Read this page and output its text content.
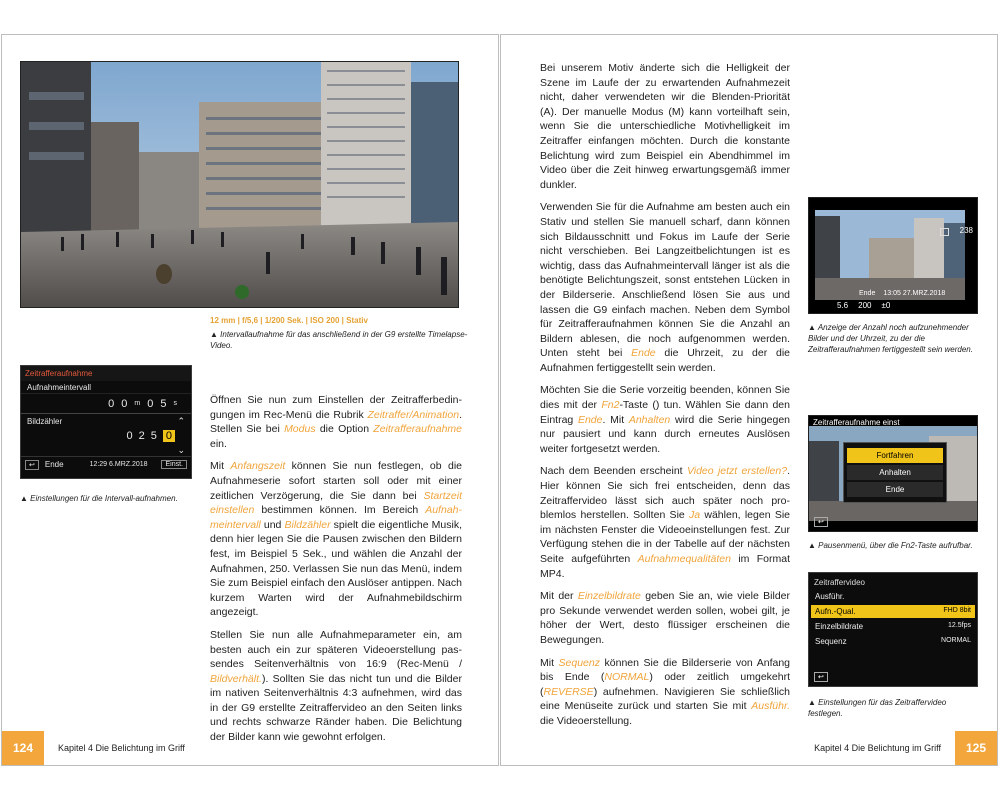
12 mm | f/5,6 | 1/200 Sek. | ISO 200 | Stativ
▲ Intervallaufnahme für das anschließend in der G9 erstellte Timelapse-Video.
Zeitrafferaufnahme
Aufnahmeintervall
0 0 m 0 5 s
Bildzähler	⌃
0 2 5 0
⌄
↩	Ende	12:29 6.MRZ.2018	Einst.
▲ Einstellungen für die Intervall-aufnahmen.

Öffnen Sie nun zum Einstellen der Zeitrafferbedingungen im Rec-Menü die Rubrik Zeitraffer/Animation. Stellen Sie bei Modus die Option Zeitrafferaufnahme ein.

Mit Anfangszeit können Sie nun festlegen, ob die Aufnahmeserie sofort starten soll oder mit einer zeitlichen Verzögerung, die Sie dann bei Startzeit einstellen bestimmen können. Im Bereich Aufnahmeintervall und Bildzähler spielt die eigentliche Musik, denn hier legen Sie die Pausen zwischen den Bildern fest, im Beispiel 5 Sek., und wählen die Anzahl der Aufnahmen, 250. Verlassen Sie nun das Menü, indem Sie zum Beispiel einfach den Auslöser antippen. Nach kurzem Warten wird der Aufnahmebildschirm angezeigt.

Stellen Sie nun alle Aufnahmeparameter ein, am besten auch ein zur späteren Videoerstellung passendes Seitenverhältnis von 16:9 (Rec-Menü / Bildverhält.). Sollten Sie das nicht tun und die Bilder im nativen Seitenverhältnis 4:3 aufnehmen, wird das in der G9 erstellte Zeitraffervideo an den Seiten links und rechts schwarze Ränder haben. Die Belichtung der Bilder kann wie gewohnt erfolgen.

124	Kapitel 4 Die Belichtung im Griff

Bei unserem Motiv änderte sich die Helligkeit der Szene im Laufe der zu erwartenden Aufnahmezeit nicht, daher verwendeten wir die Blenden-Priorität (A). Der manuelle Modus (M) kann vorteilhaft sein, wenn Sie die unterschiedliche Motivhelligkeit im Zeitraffer einfangen möchten. Durch die konstante Belichtung wird zum Beispiel ein Abendhimmel im Video über die Zeit hinweg erwartungsgemäß immer dunkler.

Verwenden Sie für die Aufnahme am besten auch ein Stativ und stellen Sie manuell scharf, dann können sich Bildausschnitt und Fokus im Laufe der Serie nicht verschieben. Bei Langzeitbelichtungen ist es wichtig, dass das Aufnahmeintervall länger ist als die benötigte Belichtungszeit, sonst entstehen Lücken in der Bilderserie. Anschließend lösen Sie aus und lassen die G9 einfach machen. Neben dem Symbol für Zeitrafferaufnahmen können Sie die Anzahl an Bildern ablesen, die noch aufgenommen werden. Unten steht bei Ende die Uhrzeit, zu der die Aufnahmen fertiggestellt sein werden.

Möchten Sie die Serie vorzeitig beenden, können Sie dies mit der Fn2-Taste () tun. Wählen Sie dann den Eintrag Ende. Mit Anhalten wird die Serie hingegen nur pausiert und kann durch erneutes Auslösen weiter fortgesetzt werden.

Nach dem Beenden erscheint Video jetzt erstellen?. Hier können Sie sich frei entscheiden, denn das Zeitraffervideo lässt sich auch später noch problemlos herstellen. Sollten Sie Ja wählen, legen Sie im nächsten Fenster die Videoeinstellungen fest. Zur Verfügung stehen die in der Tabelle auf der nächsten Seite aufgeführten Aufnahmequalitäten im Format MP4.

Mit der Einzelbildrate geben Sie an, wie viele Bilder pro Sekunde verwendet werden sollen, wobei gilt, je höher der Wert, desto flüssiger erscheinen die Bewegungen.

Mit Sequenz können Sie die Bilderserie von Anfang bis Ende (NORMAL) oder zeitlich umgekehrt (REVERSE) aufnehmen. Navigieren Sie schließlich eine Menüseite zurück und starten Sie mit Ausführ. die Videoerstellung.

238
Ende 13:05 27.MRZ.2018
5.6 200 ±0
▲ Anzeige der Anzahl noch aufzunehmender Bilder und der Uhrzeit, zu der die Zeitrafferaufnahmen fertiggestellt sein werden.
Zeitrafferaufnahme einst
Fortfahren
Anhalten
Ende
↩
▲ Pausenmenü, über die Fn2-Taste aufrufbar.
Zeitraffervideo
Ausführ.
Aufn.-Qual.	FHD 8bit
Einzelbildrate	12.5fps
Sequenz	NORMAL
↩
▲ Einstellungen für das Zeitraffervideo festlegen.
Kapitel 4 Die Belichtung im Griff	125
